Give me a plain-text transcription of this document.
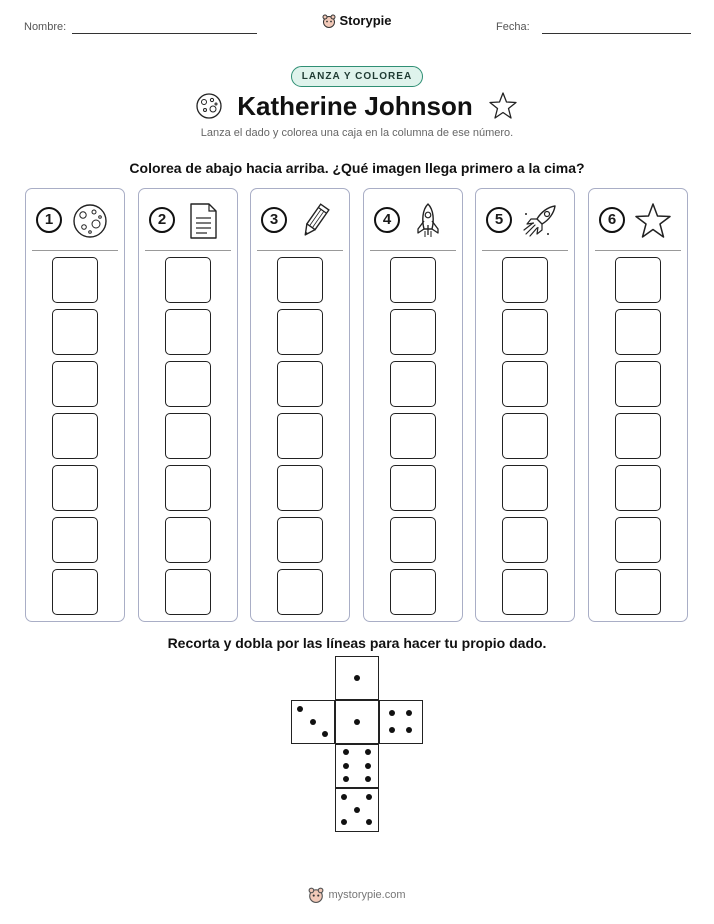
Nombre:	Storypie	Fecha:
LANZA Y COLOREA
Katherine Johnson
Lanza el dado y colorea una caja en la columna de ese número.
Colorea de abajo hacia arriba. ¿Qué imagen llega primero a la cima?
1	2	3	4	5	6
Recorta y dobla por las líneas para hacer tu propio dado.
mystorypie.com
